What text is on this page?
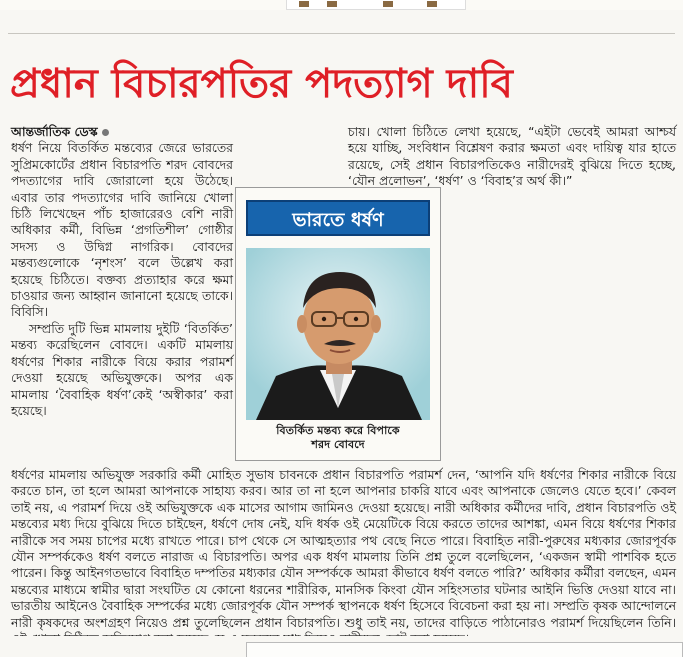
প্রধান বিচারপতির পদত্যাগ দাবি

আন্তর্জাতিক ডেস্ক

ধর্ষণ নিয়ে বিতর্কিত মন্তব্যের জেরে ভারতের সুপ্রিমকোর্টের প্রধান বিচারপতি শরদ বোবদের পদত্যাগের দাবি জোরালো হয়ে উঠেছে। এবার তার পদত্যাগের দাবি জানিয়ে খোলা চিঠি লিখেছেন পাঁচ হাজারেরও বেশি নারী অধিকার কর্মী, বিভিন্ন ‘প্রগতিশীল’ গোষ্ঠীর সদস্য ও উদ্বিগ্ন নাগরিক। বোবদের মন্তব্যগুলোকে ‘নৃশংস’ বলে উল্লেখ করা হয়েছে চিঠিতে। বক্তব্য প্রত্যাহার করে ক্ষমা চাওয়ার জন্য আহ্বান জানানো হয়েছে তাকে। বিবিসি।

সম্প্রতি দুটি ভিন্ন মামলায় দুইটি ‘বিতর্কিত’ মন্তব্য করেছিলেন বোবদে। একটি মামলায় ধর্ষণের শিকার নারীকে বিয়ে করার পরামর্শ দেওয়া হয়েছে অভিযুক্তকে। অপর এক মামলায় ‘বৈবাহিক ধর্ষণ’কেই ‘অস্বীকার’ করা হয়েছে।

ভারতে ধর্ষণ
বিতর্কিত মন্তব্য করে বিপাকে
শরদ বোবদে

চায়। খোলা চিঠিতে লেখা হয়েছে, “এইটা ভেবেই আমরা আশ্চর্য হয়ে যাচ্ছি, সংবিধান বিশ্লেষণ করার ক্ষমতা এবং দায়িত্ব যার হাতে রয়েছে, সেই প্রধান বিচারপতিকেও নারীদেরই বুঝিয়ে দিতে হচ্ছে, ‘যৌন প্রলোভন’, ‘ধর্ষণ’ ও ‘বিবাহ’র অর্থ কী।”

ধর্ষণের মামলায় অভিযুক্ত সরকারি কর্মী মোহিত সুভাষ চাবনকে প্রধান বিচারপতি পরামর্শ দেন, ‘আপনি যদি ধর্ষণের শিকার নারীকে বিয়ে করতে চান, তা হলে আমরা আপনাকে সাহায্য করব। আর তা না হলে আপনার চাকরি যাবে এবং আপনাকে জেলেও যেতে হবে।’ কেবল তাই নয়, এ পরামর্শ দিয়ে ওই অভিযুক্তকে এক মাসের আগাম জামিনও দেওয়া হয়েছে। নারী অধিকার কর্মীদের দাবি, প্রধান বিচারপতি ওই মন্তব্যের মধ্য দিয়ে বুঝিয়ে দিতে চাইছেন, ধর্ষণে দোষ নেই, যদি ধর্ষক ওই মেয়েটিকে বিয়ে করতে তাদের আশঙ্কা, এমন বিয়ে ধর্ষণের শিকার নারীকে সব সময় চাপের মধ্যে রাখতে পারে। চাপ থেকে সে আত্মহত্যার পথ বেছে নিতে পারে। বিবাহিত নারী-পুরুষের মধ্যকার জোরপূর্বক যৌন সম্পর্ককেও ধর্ষণ বলতে নারাজ এ বিচারপতি। অপর এক ধর্ষণ মামলায় তিনি প্রশ্ন তুলে বলেছিলেন, ‘একজন স্বামী পাশবিক হতে পারেন। কিন্তু আইনগতভাবে বিবাহিত দম্পতির মধ্যকার যৌন সম্পর্ককে আমরা কীভাবে ধর্ষণ বলতে পারি?’ অধিকার কর্মীরা বলছেন, এমন মন্তব্যের মাধ্যমে স্বামীর দ্বারা সংঘটিত যে কোনো ধরনের শারীরিক, মানসিক কিংবা যৌন সহিংসতার ঘটনার আইনি ভিত্তি দেওয়া যাবে না। ভারতীয় আইনেও বৈবাহিক সম্পর্কের মধ্যে জোরপূর্বক যৌন সম্পর্ক স্থাপনকে ধর্ষণ হিসেবে বিবেচনা করা হয় না। সম্প্রতি কৃষক আন্দোলনে নারী কৃষকদের অংশগ্রহণ নিয়েও প্রশ্ন তুলেছিলেন প্রধান বিচারপতি। শুধু তাই নয়, তাদের বাড়িতে পাঠানোরও পরামর্শ দিয়েছিলেন তিনি।
